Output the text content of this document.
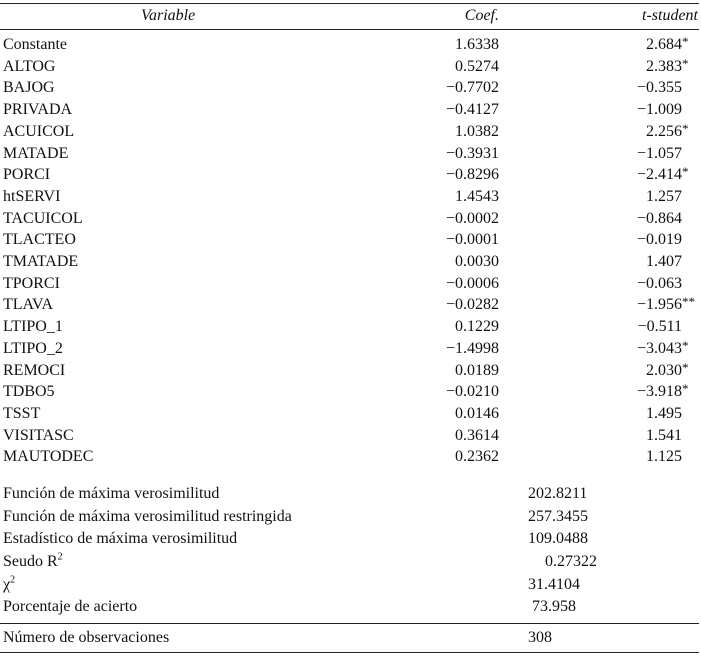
Variable	Coef.	t-student
Constante	1.6338	2.684 *
ALTOG	0.5274	2.383 *
BAJOG	−0.7702	−0.355
PRIVADA	−0.4127	−1.009
ACUICOL	1.0382	2.256 *
MATADE	−0.3931	−1.057
PORCI	−0.8296	−2.414 *
htSERVI	1.4543	1.257
TACUICOL	−0.0002	−0.864
TLACTEO	−0.0001	−0.019
TMATADE	0.0030	1.407
TPORCI	−0.0006	−0.063
TLAVA	−0.0282	−1.956 **
LTIPO_1	0.1229	−0.511
LTIPO_2	−1.4998	−3.043 *
REMOCI	0.0189	2.030 *
TDBO5	−0.0210	−3.918 *
TSST	0.0146	1.495
VISITASC	0.3614	1.541
MAUTODEC	0.2362	1.125
Función de máxima verosimilitud	202.8211
Función de máxima verosimilitud restringida	257.3455
Estadístico de máxima verosimilitud	109.0488
Seudo $R^2$	0.27322
$\chi^2$	31.4104
Porcentaje de acierto	73.958
Número de observaciones	308
